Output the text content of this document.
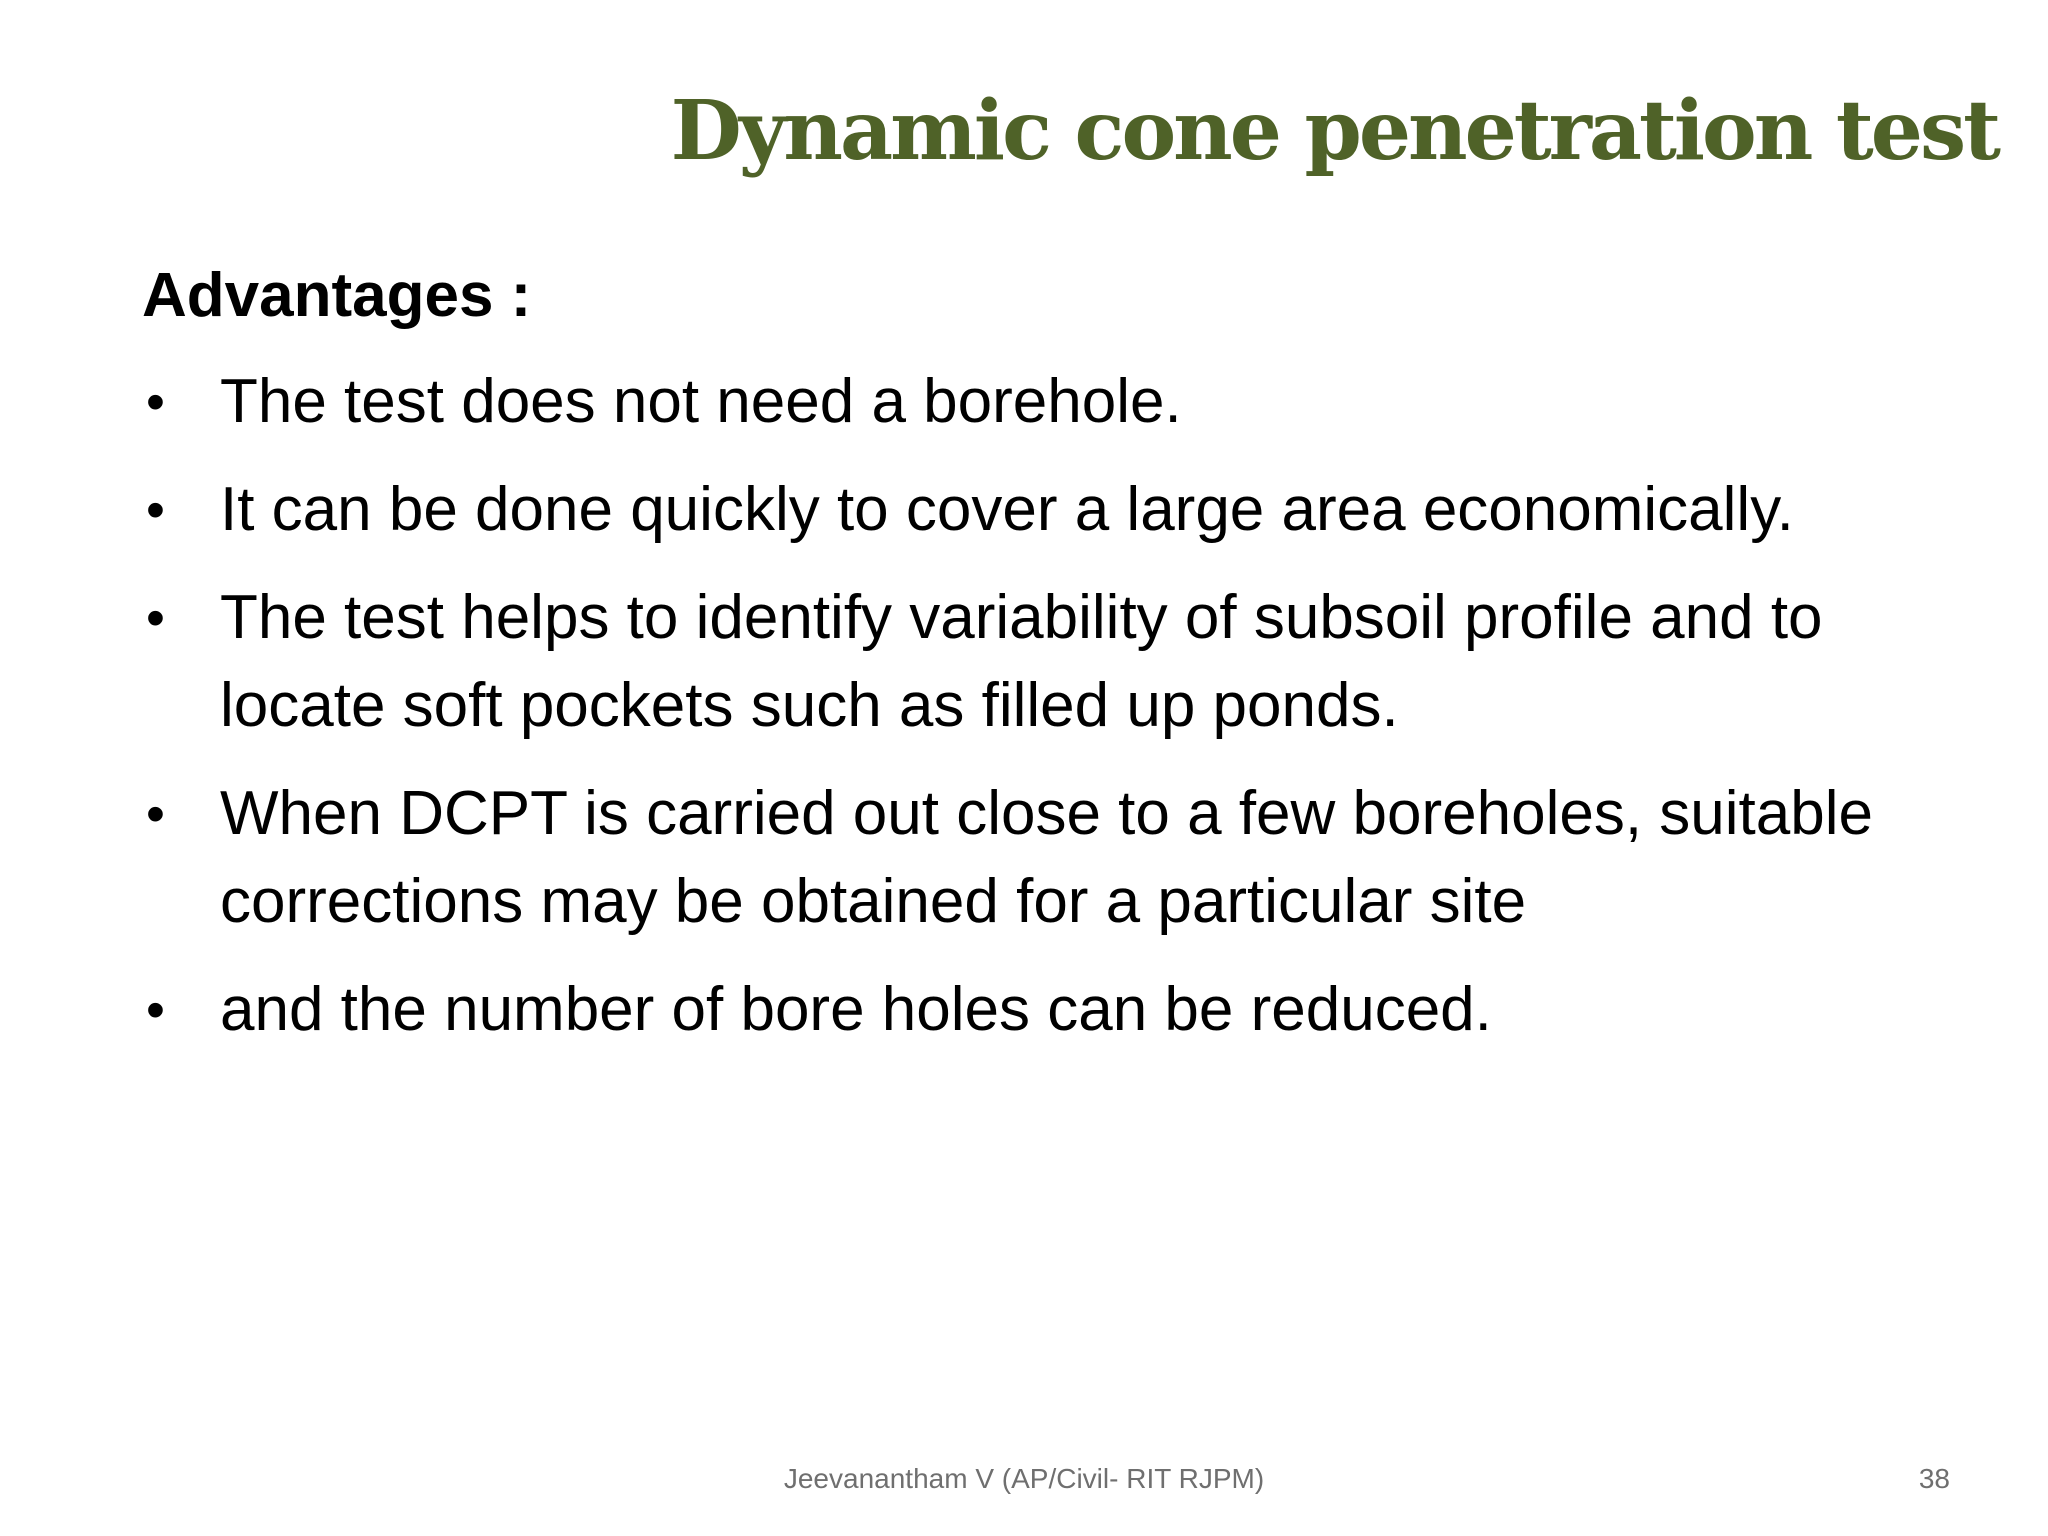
Dynamic cone penetration test
Advantages :
• The test does not need a borehole.
• It can be done quickly to cover a large area economically.
• The test helps to identify variability of subsoil profile and to locate soft pockets such as filled up ponds.
• When DCPT is carried out close to a few boreholes, suitable corrections may be obtained for a particular site
• and the number of bore holes can be reduced.
Jeevanantham V (AP/Civil- RIT RJPM)	38
